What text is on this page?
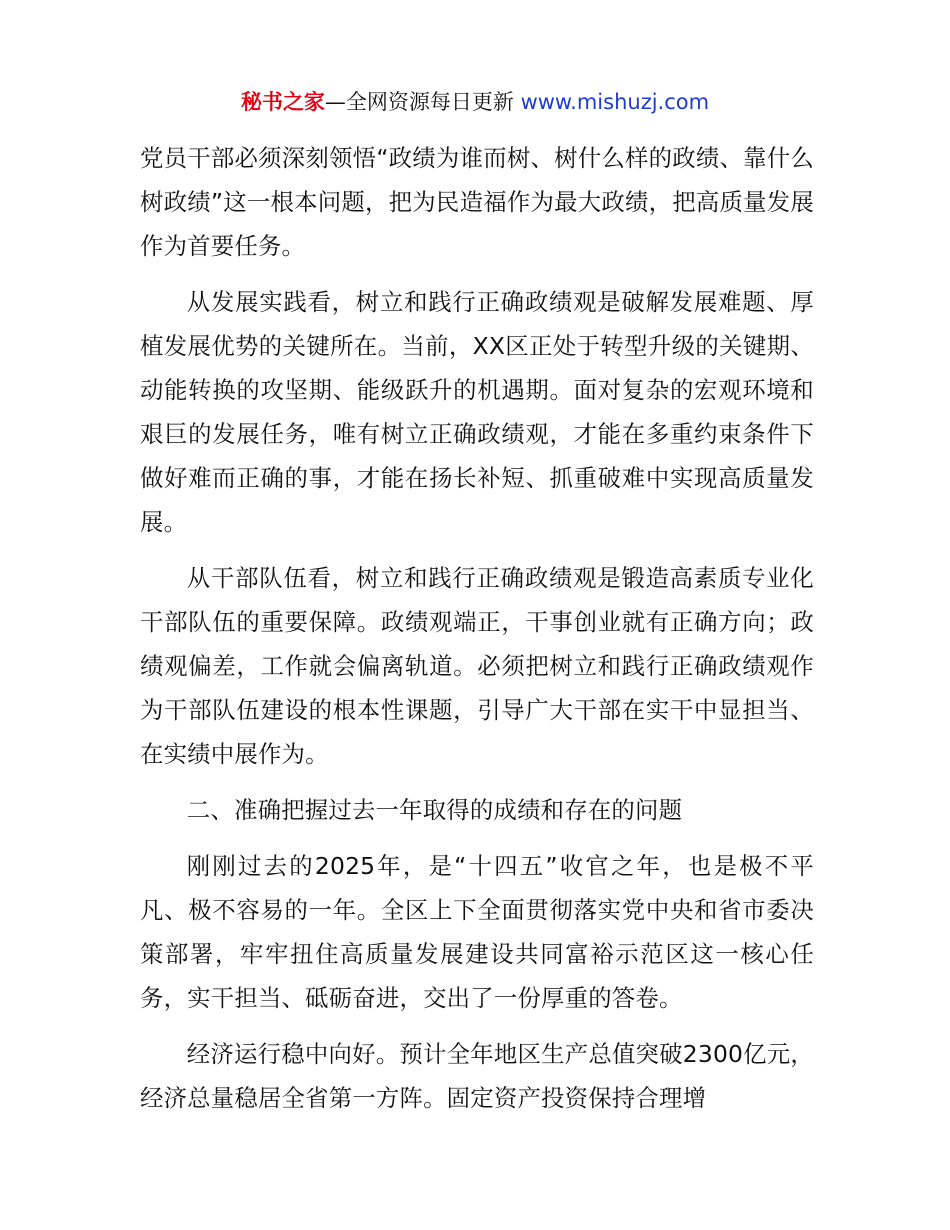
秘书之家—全网资源每日更新 www.mishuzj.com

党员干部必须深刻领悟“政绩为谁而树、树什么样的政绩、靠什么树政绩”这一根本问题，把为民造福作为最大政绩，把高质量发展作为首要任务。

从发展实践看，树立和践行正确政绩观是破解发展难题、厚植发展优势的关键所在。当前，XX区正处于转型升级的关键期、动能转换的攻坚期、能级跃升的机遇期。面对复杂的宏观环境和艰巨的发展任务，唯有树立正确政绩观，才能在多重约束条件下做好难而正确的事，才能在扬长补短、抓重破难中实现高质量发展。

从干部队伍看，树立和践行正确政绩观是锻造高素质专业化干部队伍的重要保障。政绩观端正，干事创业就有正确方向；政绩观偏差，工作就会偏离轨道。必须把树立和践行正确政绩观作为干部队伍建设的根本性课题，引导广大干部在实干中显担当、在实绩中展作为。

二、准确把握过去一年取得的成绩和存在的问题

刚刚过去的2025年，是“十四五”收官之年，也是极不平凡、极不容易的一年。全区上下全面贯彻落实党中央和省市委决策部署，牢牢扭住高质量发展建设共同富裕示范区这一核心任务，实干担当、砥砺奋进，交出了一份厚重的答卷。

经济运行稳中向好。预计全年地区生产总值突破2300亿元，经济总量稳居全省第一方阵。固定资产投资保持合理增
